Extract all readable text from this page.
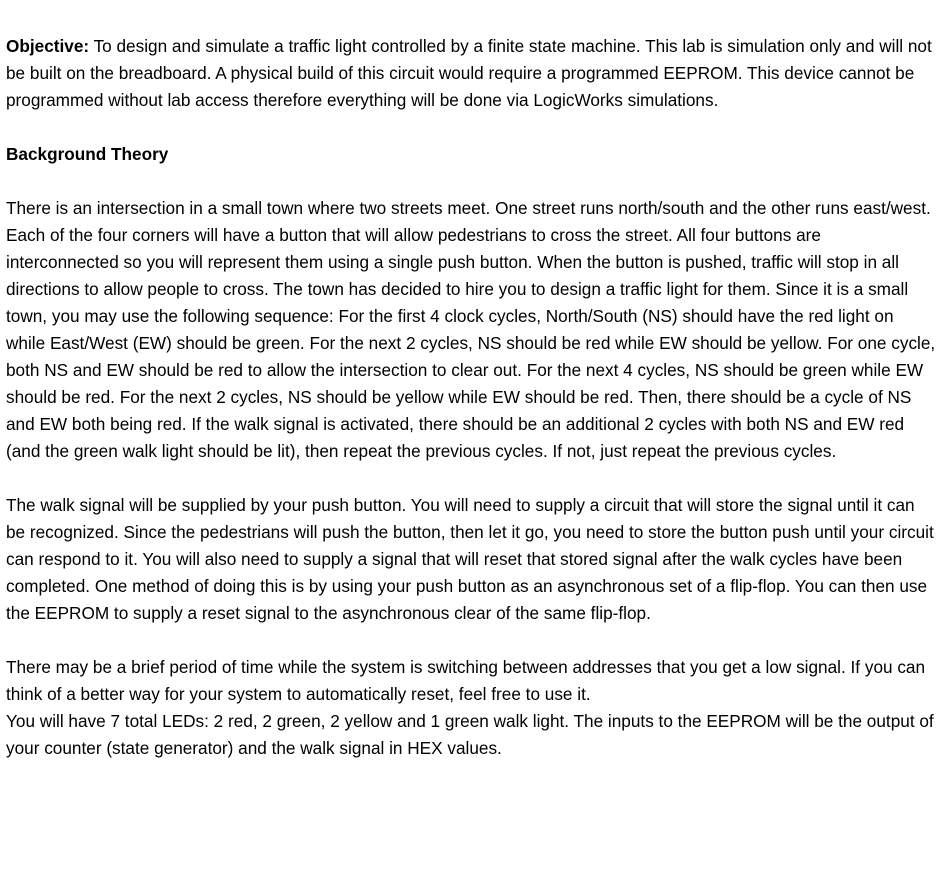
Objective: To design and simulate a traffic light controlled by a finite state machine. This lab is simulation only and will not be built on the breadboard. A physical build of this circuit would require a programmed EEPROM. This device cannot be programmed without lab access therefore everything will be done via LogicWorks simulations.

Background Theory

There is an intersection in a small town where two streets meet. One street runs north/south and the other runs east/west. Each of the four corners will have a button that will allow pedestrians to cross the street. All four buttons are interconnected so you will represent them using a single push button. When the button is pushed, traffic will stop in all directions to allow people to cross. The town has decided to hire you to design a traffic light for them. Since it is a small town, you may use the following sequence: For the first 4 clock cycles, North/South (NS) should have the red light on while East/West (EW) should be green. For the next 2 cycles, NS should be red while EW should be yellow. For one cycle, both NS and EW should be red to allow the intersection to clear out. For the next 4 cycles, NS should be green while EW should be red. For the next 2 cycles, NS should be yellow while EW should be red. Then, there should be a cycle of NS and EW both being red. If the walk signal is activated, there should be an additional 2 cycles with both NS and EW red (and the green walk light should be lit), then repeat the previous cycles. If not, just repeat the previous cycles.

The walk signal will be supplied by your push button. You will need to supply a circuit that will store the signal until it can be recognized. Since the pedestrians will push the button, then let it go, you need to store the button push until your circuit can respond to it. You will also need to supply a signal that will reset that stored signal after the walk cycles have been completed. One method of doing this is by using your push button as an asynchronous set of a flip-flop. You can then use the EEPROM to supply a reset signal to the asynchronous clear of the same flip-flop.

There may be a brief period of time while the system is switching between addresses that you get a low signal. If you can think of a better way for your system to automatically reset, feel free to use it.

You will have 7 total LEDs: 2 red, 2 green, 2 yellow and 1 green walk light. The inputs to the EEPROM will be the output of your counter (state generator) and the walk signal in HEX values.
